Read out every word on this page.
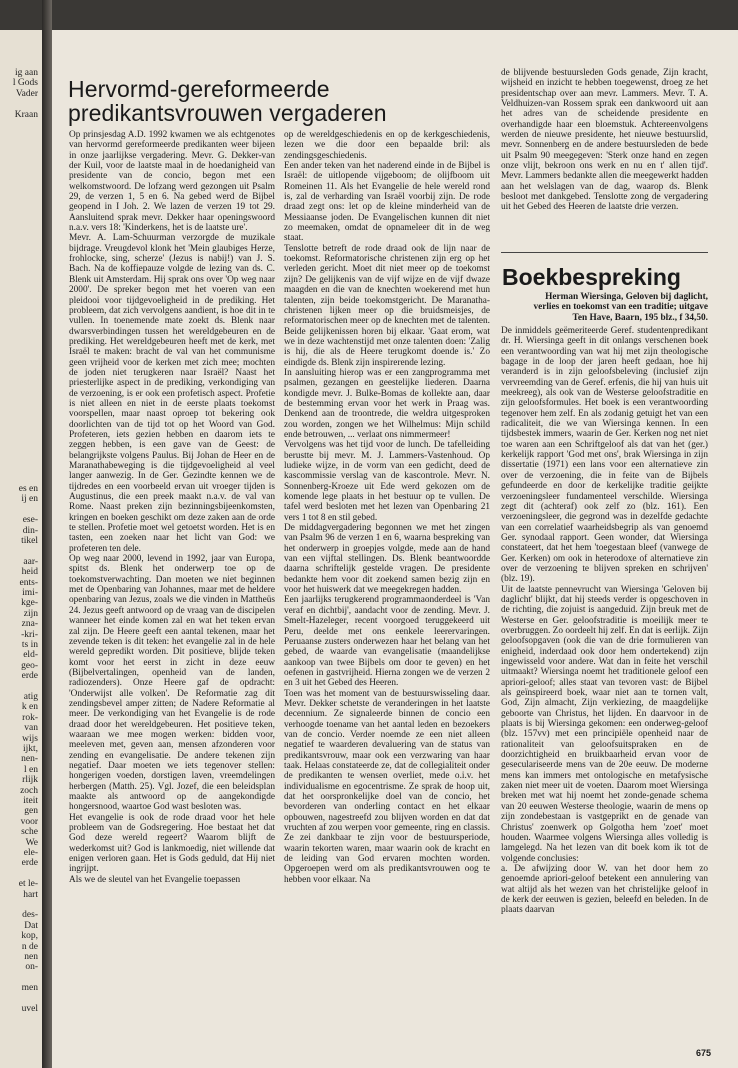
ig aan
l Gods
Vader
Kraan
es en
ij en
ese-
din-
tikel
aar-
heid
ents-
imi-
kge-
zijn
zna-
-kri-
ts in
eld-
geo-
erde
atig
k en
rok-
van
wijs
ijkt,
nen-
l en
rlijk
zoch
iteit
gen
voor
sche
We
ele-
erde
et le-
hart
des-
Dat
kop,
n de
nen
on-
men
uvel
Hervormd-gereformeerde
predikantsvrouwen vergaderen

Op prinsjesdag A.D. 1992 kwamen we als echtgenotes van hervormd gereformeerde predikanten weer bijeen in onze jaarlijkse vergadering. Mevr. G. Dekker-van der Kuil, voor de laatste maal in de hoedanigheid van presidente van de concio, begon met een welkomstwoord. De lofzang werd gezongen uit Psalm 29, de verzen 1, 5 en 6. Na gebed werd de Bijbel geopend in I Joh. 2. We lazen de verzen 19 tot 29. Aansluitend sprak mevr. Dekker haar openingswoord n.a.v. vers 18: 'Kinderkens, het is de laatste ure'.

Mevr. A. Lam-Schuurman verzorgde de muzikale bijdrage. Vreugdevol klonk het 'Mein glaubiges Herze, frohlocke, sing, scherze' (Jezus is nabij!) van J. S. Bach. Na de koffiepauze volgde de lezing van ds. C. Blenk uit Amsterdam. Hij sprak ons over 'Op weg naar 2000'. De spreker begon met het voeren van een pleidooi voor tijdgevoeligheid in de prediking. Het probleem, dat zich vervolgens aandient, is hoe dit in te vullen. In toenemende mate zoekt ds. Blenk naar dwarsverbindingen tussen het wereldgebeuren en de prediking. Het wereldgebeuren heeft met de kerk, met Israël te maken: bracht de val van het communisme geen vrijheid voor de kerken met zich mee; mochten de joden niet terugkeren naar Israël? Naast het priesterlijke aspect in de prediking, verkondiging van de verzoening, is er ook een profetisch aspect. Profetie is niet alleen en niet in de eerste plaats toekomst voorspellen, maar naast oproep tot bekering ook doorlichten van de tijd tot op het Woord van God. Profeteren, iets gezien hebben en daarom iets te zeggen hebben, is een gave van de Geest: de belangrijkste volgens Paulus. Bij Johan de Heer en de Maranathabeweging is die tijdgevoeligheid al veel langer aanwezig. In de Ger. Gezindte kennen we de tijdredes en een voorbeeld ervan uit vroeger tijden is Augustinus, die een preek maakt n.a.v. de val van Rome. Naast preken zijn bezinningsbijeenkomsten, kringen en boeken geschikt om deze zaken aan de orde te stellen. Profetie moet wel getoetst worden. Het is en tasten, een zoeken naar het licht van God: we profeteren ten dele.

Op weg naar 2000, levend in 1992, jaar van Europa, spitst ds. Blenk het onderwerp toe op de toekomstverwachting. Dan moeten we niet beginnen met de Openbaring van Johannes, maar met de heldere openbaring van Jezus, zoals we die vinden in Mattheüs 24. Jezus geeft antwoord op de vraag van de discipelen wanneer het einde komen zal en wat het teken ervan zal zijn. De Heere geeft een aantal tekenen, maar het zevende teken is dit teken: het evangelie zal in de hele wereld gepredikt worden. Dit positieve, blijde teken komt voor het eerst in zicht in deze eeuw (Bijbelvertalingen, openheid van de landen, radiozenders). Onze Heere gaf de opdracht: 'Onderwijst alle volken'. De Reformatie zag dit zendingsbevel amper zitten; de Nadere Reformatie al meer. De verkondiging van het Evangelie is de rode draad door het wereldgebeuren. Het positieve teken, waaraan we mee mogen werken: bidden voor, meeleven met, geven aan, mensen afzonderen voor zending en evangelisatie. De andere tekenen zijn negatief. Daar moeten we iets tegenover stellen: hongerigen voeden, dorstigen laven, vreemdelingen herbergen (Matth. 25). Vgl. Jozef, die een beleidsplan maakte als antwoord op de aangekondigde hongersnood, waartoe God wast besloten was.

Het evangelie is ook de rode draad voor het hele probleem van de Godsregering. Hoe bestaat het dat God deze wereld regeert? Waarom blijft de wederkomst uit? God is lankmoedig, niet willende dat enigen verloren gaan. Het is Gods geduld, dat Hij niet ingrijpt.

Als we de sleutel van het Evangelie toepassen

op de wereldgeschiedenis en op de kerkgeschiedenis, lezen we die door een bepaalde bril: als zendingsgeschiedenis.

Een ander teken van het naderend einde in de Bijbel is Israël: de uitlopende vijgeboom; de olijfboom uit Romeinen 11. Als het Evangelie de hele wereld rond is, zal de verharding van Israël voorbij zijn. De rode draad zegt ons: let op de kleine minderheid van de Messiaanse joden. De Evangelischen kunnen dit niet zo meemaken, omdat de opnameleer dit in de weg staat.

Tenslotte betreft de rode draad ook de lijn naar de toekomst. Reformatorische christenen zijn erg op het verleden gericht. Moet dit niet meer op de toekomst zijn? De gelijkenis van de vijf wijze en de vijf dwaze maagden en die van de knechten woekerend met hun talenten, zijn beide toekomstgericht. De Maranatha-christenen lijken meer op die bruidsmeisjes, de reformatorischen meer op de knechten met de talenten. Beide gelijkenissen horen bij elkaar. 'Gaat erom, wat we in deze wachtenstijd met onze talenten doen: 'Zalig is hij, die als de Heere terugkomt doende is.' Zo eindigde ds. Blenk zijn inspirerende lezing.

In aansluiting hierop was er een zangprogramma met psalmen, gezangen en geestelijke liederen. Daarna kondigde mevr. J. Bulke-Bomas de kollekte aan, daar de bestemming ervan voor het werk in Praag was. Denkend aan de troontrede, die weldra uitgesproken zou worden, zongen we het Wilhelmus: Mijn schild ende betrouwen, ... verlaat ons nimmermeer!

Vervolgens was het tijd voor de lunch. De tafelleiding berustte bij mevr. M. J. Lammers-Vastenhoud. Op ludieke wijze, in de vorm van een gedicht, deed de kascommissie verslag van de kascontrole. Mevr. N. Sonnenberg-Kroeze uit Ede werd gekozen om de komende lege plaats in het bestuur op te vullen. De tafel werd besloten met het lezen van Openbaring 21 vers 1 tot 8 en stil gebed.

De middagvergadering begonnen we met het zingen van Psalm 96 de verzen 1 en 6, waarna bespreking van het onderwerp in groepjes volgde, mede aan de hand van een vijftal stellingen. Ds. Blenk beantwoordde daarna schriftelijk gestelde vragen. De presidente bedankte hem voor dit zoekend samen bezig zijn en voor het huiswerk dat we meegekregen hadden.

Een jaarlijks terugkerend programmaonderdeel is 'Van veraf en dichtbij', aandacht voor de zending. Mevr. J. Smelt-Hazeleger, recent voorgoed teruggekeerd uit Peru, deelde met ons eenkele leerervaringen. Peruaanse zusters onderwezen haar het belang van het gebed, de waarde van evangelisatie (maandelijkse aankoop van twee Bijbels om door te geven) en het oefenen in gastvrijheid. Hierna zongen we de verzen 2 en 3 uit het Gebed des Heeren.

Toen was het moment van de bestuurswisseling daar. Mevr. Dekker schetste de veranderingen in het laatste decennium. Ze signaleerde binnen de concio een verhoogde toename van het aantal leden en bezoekers van de concio. Verder noemde ze een niet alleen negatief te waarderen devaluering van de status van predikantsvrouw, maar ook een verzwaring van haar taak. Helaas constateerde ze, dat de collegialiteit onder de predikanten te wensen overliet, mede o.i.v. het individualisme en egocentrisme. Ze sprak de hoop uit, dat het oorspronkelijke doel van de concio, het bevorderen van onderling contact en het elkaar opbouwen, nagestreefd zou blijven worden en dat dat vruchten af zou werpen voor gemeente, ring en classis. Ze zei dankbaar te zijn voor de bestuursperiode, waarin tekorten waren, maar waarin ook de kracht en de leiding van God ervaren mochten worden. Opgeroepen werd om als predikantsvrouwen oog te hebben voor elkaar. Na

de blijvende bestuursleden Gods genade, Zijn kracht, wijsheid en inzicht te hebben toegewenst, droeg ze het presidentschap over aan mevr. Lammers. Mevr. T. A. Veldhuizen-van Rossem sprak een dankwoord uit aan het adres van de scheidende presidente en overhandigde haar een bloemstuk. Achtereenvolgens werden de nieuwe presidente, het nieuwe bestuurslid, mevr. Sonnenberg en de andere bestuursleden de bede uit Psalm 90 meegegeven: 'Sterk onze hand en zegen onze vlijt, bekroon ons werk en nu en t' allen tijd'. Mevr. Lammers bedankte allen die meegewerkt hadden aan het welslagen van de dag, waarop ds. Blenk besloot met dankgebed. Tenslotte zong de vergadering uit het Gebed des Heeren de laatste drie verzen.

Boekbespreking
Herman Wiersinga, Geloven bij daglicht, verlies en toekomst van een traditie; uitgave Ten Have, Baarn, 195 blz., f 34,50.

De inmiddels geëmeriteerde Geref. studentenpredikant dr. H. Wiersinga geeft in dit onlangs verschenen boek een verantwoording van wat hij met zijn theologische bagage in de loop der jaren heeft gedaan, hoe hij veranderd is in zijn geloofsbeleving (inclusief zijn vervreemding van de Geref. erfenis, die hij van huis uit meekreeg), als ook van de Westerse geloofstraditie en zijn geloofsformules. Het boek is een verantwoording tegenover hem zelf. En als zodanig getuigt het van een radicaliteit, die we van Wiersinga kennen. In een tijdsbestek immers, waarin de Ger. Kerken nog net niet toe waren aan een Schriftgeloof als dat van het (ger.) kerkelijk rapport 'God met ons', brak Wiersinga in zijn dissertatie (1971) een lans voor een alternatieve zin over de verzoening, die in feite van de Bijbels gefundeerde en door de kerkelijke traditie geijkte verzoeningsleer fundamenteel verschilde. Wiersinga zegt dit (achteraf) ook zelf zo (blz. 161). Een verzoeningsleer, die gegrond was in dezelfde gedachte van een correlatief waarheidsbegrip als van genoemd Ger. synodaal rapport. Geen wonder, dat Wiersinga constateert, dat het hem 'toegestaan bleef (vanwege de Ger. Kerken) om ook in heterodoxe of alternatieve zin over de verzoening te blijven spreken en schrijven' (blz. 19).

Uit de laatste pennevrucht van Wiersinga 'Geloven bij daglicht' blijkt, dat hij steeds verder is opgeschoven in de richting, die zojuist is aangeduid. Zijn breuk met de Westerse en Ger. geloofstraditie is moeilijk meer te overbruggen. Zo oordeelt hij zelf. En dat is eerlijk. Zijn geloofsopgaven (ook die van de drie formulieren van enigheid, inderdaad ook door hem ondertekend) zijn ingewisseld voor andere. Wat dan in feite het verschil uitmaakt? Wiersinga noemt het traditionele geloof een apriori-geloof; alles staat van tevoren vast: de Bijbel als geïnspireerd boek, waar niet aan te tornen valt, God, Zijn almacht, Zijn verkiezing, de maagdelijke geboorte van Christus, het lijden. En daarvoor in de plaats is bij Wiersinga gekomen: een onderweg-geloof (blz. 157vv) met een principiële openheid naar de rationaliteit van geloofsuitspraken en de doorzichtigheid en bruikbaarheid ervan voor de geseculariseerde mens van de 20e eeuw. De moderne mens kan immers met ontologische en metafysische zaken niet meer uit de voeten. Daarom moet Wiersinga breken met wat hij noemt het zonde-genade schema van 20 eeuwen Westerse theologie, waarin de mens op zijn zondebestaan is vastgeprikt en de genade van Christus' zoenwerk op Golgotha hem 'zoet' moet houden. Waarmee volgens Wiersinga alles volledig is lamgelegd. Na het lezen van dit boek kom ik tot de volgende conclusies:

a. De afwijzing door W. van het door hem zo genoemde apriori-geloof betekent een annulering van wat altijd als het wezen van het christelijke geloof in de kerk der eeuwen is gezien, beleefd en beleden. In de plaats daarvan

675
